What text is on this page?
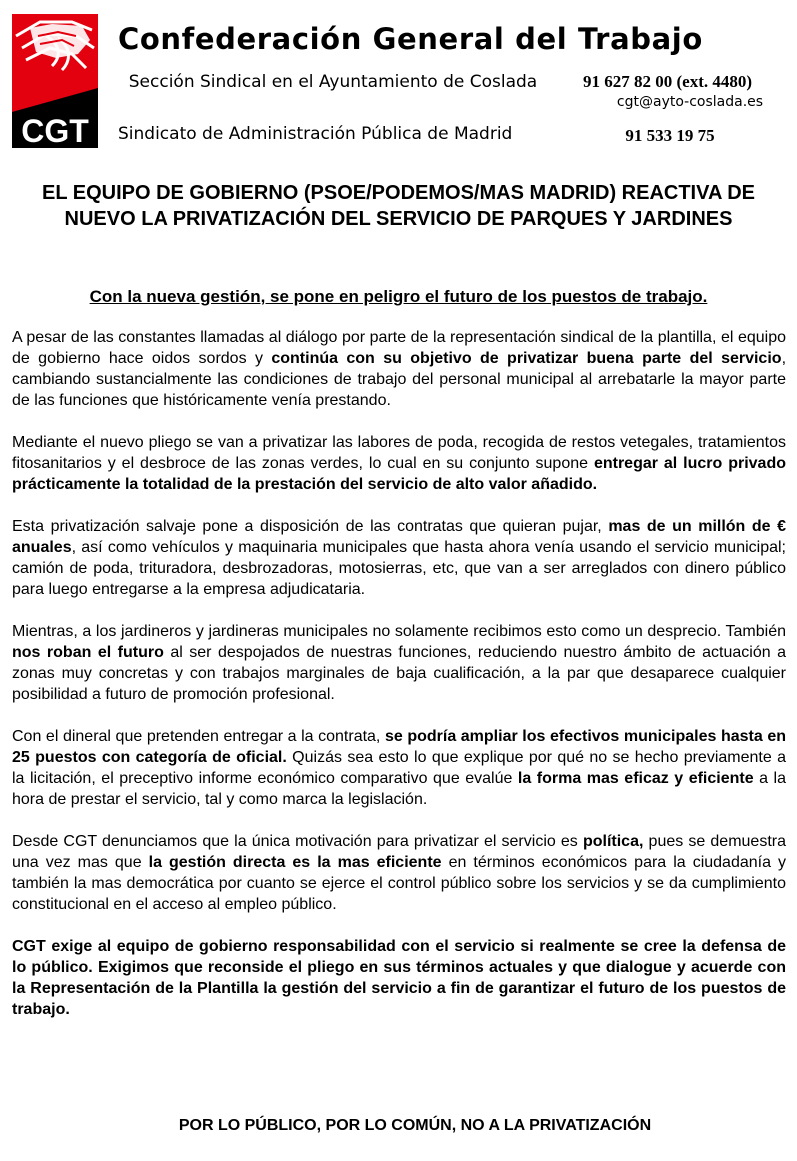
CGT
Confederación General del Trabajo
Sección Sindical en el Ayuntamiento de Coslada
Sindicato de Administración Pública de Madrid
91 627 82 00 (ext. 4480)
cgt@ayto-coslada.es
91 533 19 75
EL EQUIPO DE GOBIERNO (PSOE/PODEMOS/MAS MADRID) REACTIVA DE NUEVO LA PRIVATIZACIÓN DEL SERVICIO DE PARQUES Y JARDINES
Con la nueva gestión, se pone en peligro el futuro de los puestos de trabajo.

A pesar de las constantes llamadas al diálogo por parte de la representación sindical de la plantilla, el equipo de gobierno hace oidos sordos y continúa con su objetivo de privatizar buena parte del servicio, cambiando sustancialmente las condiciones de trabajo del personal municipal al arrebatarle la mayor parte de las funciones que históricamente venía prestando.

Mediante el nuevo pliego se van a privatizar las labores de poda, recogida de restos vetegales, tratamientos fitosanitarios y el desbroce de las zonas verdes, lo cual en su conjunto supone entregar al lucro privado prácticamente la totalidad de la prestación del servicio de alto valor añadido.

Esta privatización salvaje pone a disposición de las contratas que quieran pujar, mas de un millón de € anuales, así como vehículos y maquinaria municipales que hasta ahora venía usando el servicio municipal; camión de poda, trituradora, desbrozadoras, motosierras, etc, que van a ser arreglados con dinero público para luego entregarse a la empresa adjudicataria.

Mientras, a los jardineros y jardineras municipales no solamente recibimos esto como un desprecio. También nos roban el futuro al ser despojados de nuestras funciones, reduciendo nuestro ámbito de actuación a zonas muy concretas y con trabajos marginales de baja cualificación, a la par que desaparece cualquier posibilidad a futuro de promoción profesional.

Con el dineral que pretenden entregar a la contrata, se podría ampliar los efectivos municipales hasta en 25 puestos con categoría de oficial. Quizás sea esto lo que explique por qué no se hecho previamente a la licitación, el preceptivo informe económico comparativo que evalúe la forma mas eficaz y eficiente a la hora de prestar el servicio, tal y como marca la legislación.

Desde CGT denunciamos que la única motivación para privatizar el servicio es política, pues se demuestra una vez mas que la gestión directa es la mas eficiente en términos económicos para la ciudadanía y también la mas democrática por cuanto se ejerce el control público sobre los servicios y se da cumplimiento constitucional en el acceso al empleo público.

CGT exige al equipo de gobierno responsabilidad con el servicio si realmente se cree la defensa de lo público. Exigimos que reconside el pliego en sus términos actuales y que dialogue y acuerde con la Representación de la Plantilla la gestión del servicio a fin de garantizar el futuro de los puestos de trabajo.

POR LO PÚBLICO, POR LO COMÚN, NO A LA PRIVATIZACIÓN
